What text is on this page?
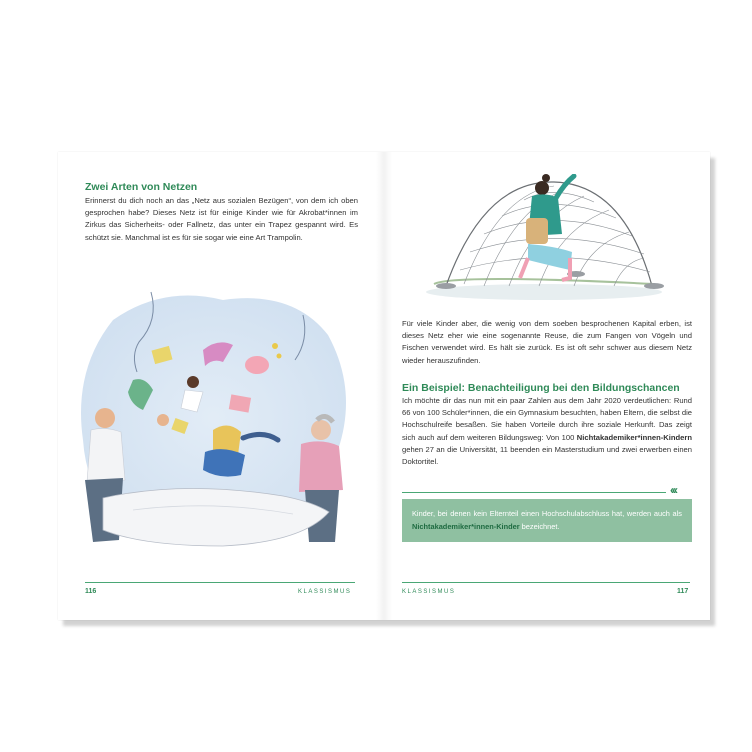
Zwei Arten von Netzen

Erinnerst du dich noch an das „Netz aus sozialen Bezügen“, von dem ich oben gesprochen habe? Dieses Netz ist für einige Kinder wie für Akrobat*innen im Zirkus das Sicherheits- oder Fallnetz, das unter ein Trapez gespannt wird. Es schützt sie. Manchmal ist es für sie sogar wie eine Art Trampolin.

116	KLASSISMUS

Für viele Kinder aber, die wenig von dem soeben besprochenen Kapital erben, ist dieses Netz eher wie eine sogenannte Reuse, die zum Fangen von Vögeln und Fischen verwendet wird. Es hält sie zurück. Es ist oft sehr schwer aus diesem Netz wieder herauszufinden.

Ein Beispiel: Benachteiligung bei den Bildungschancen

Ich möchte dir das nun mit ein paar Zahlen aus dem Jahr 2020 verdeutlichen: Rund 66 von 100 Schüler*innen, die ein Gymnasium besuchten, haben Eltern, die selbst die Hochschulreife besaßen. Sie haben Vorteile durch ihre soziale Herkunft. Das zeigt sich auch auf dem weiteren Bildungsweg: Von 100 Nichtakademiker*innen-Kindern gehen 27 an die Universität, 11 beenden ein Masterstudium und zwei erwerben einen Doktortitel.

‹‹‹
Kinder, bei denen kein Elternteil einen Hochschulabschluss hat, werden auch als Nichtakademiker*innen-Kinder bezeichnet.
KLASSISMUS	117
